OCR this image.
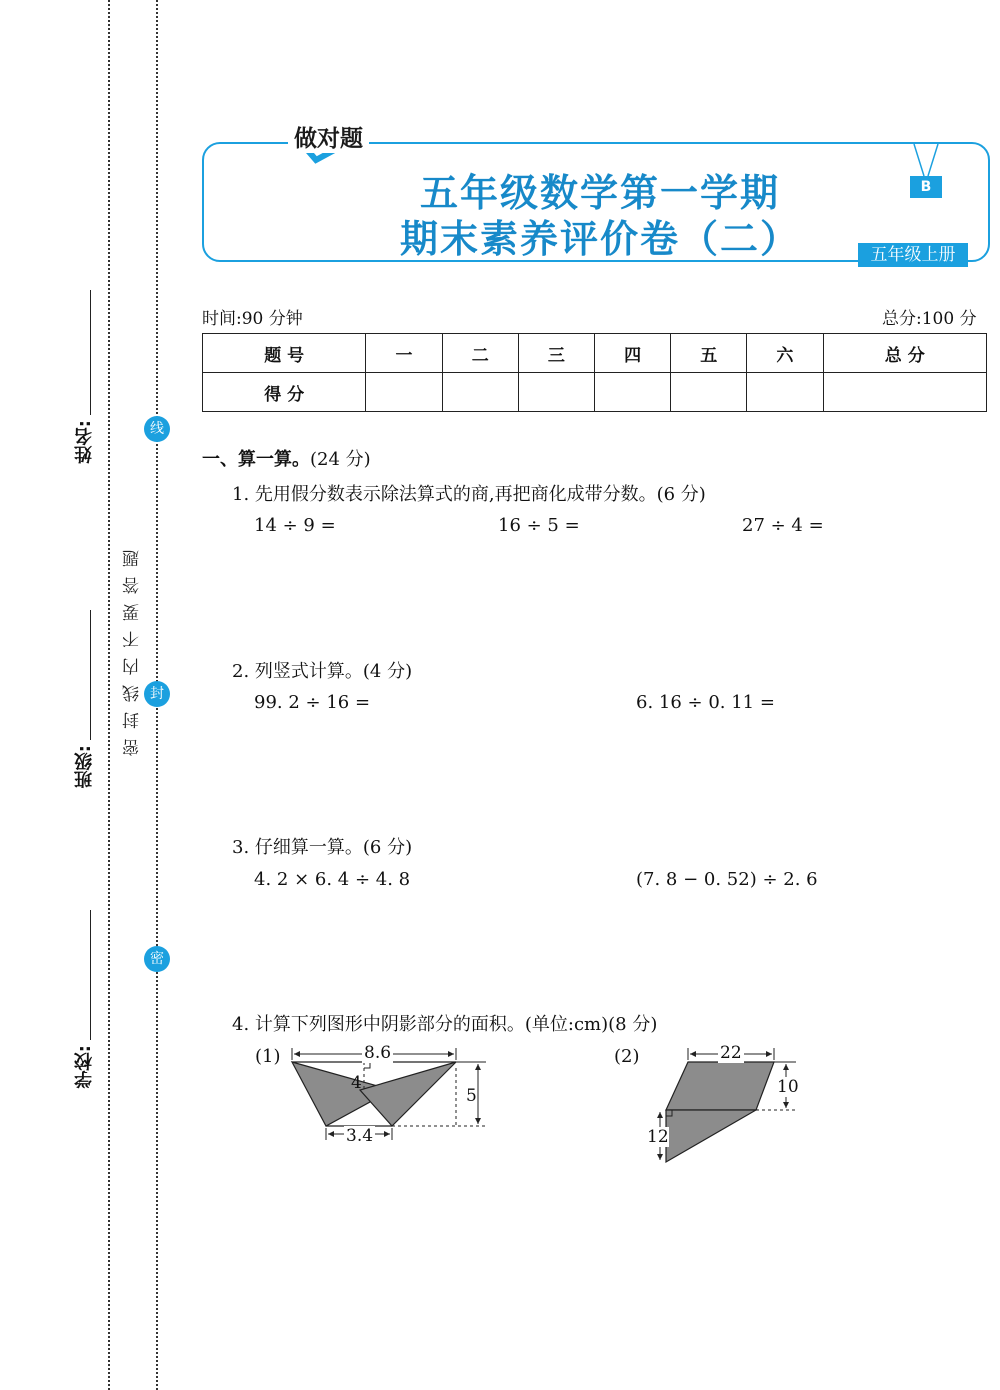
姓名:
班级:
学校:
密封线内不要答题
线
封
密
做对题
五年级数学第一学期
期末素养评价卷（二）
B
五年级上册
时间:90 分钟	总分:100 分
题 号	一	二	三	四	五	六	总 分
得 分							
一、算一算。(24 分)
1. 先用假分数表示除法算式的商,再把商化成带分数。(6 分)
14 ÷ 9 =	16 ÷ 5 =	27 ÷ 4 =
2. 列竖式计算。(4 分)
99. 2 ÷ 16 =	6. 16 ÷ 0. 11 =
3. 仔细算一算。(6 分)
4. 2 × 6. 4 ÷ 4. 8	(7. 8 − 0. 52) ÷ 2. 6
4. 计算下列图形中阴影部分的面积。(单位:cm)(8 分)
(1)	8.6
4
5
3.4
(2)	22
10
12
